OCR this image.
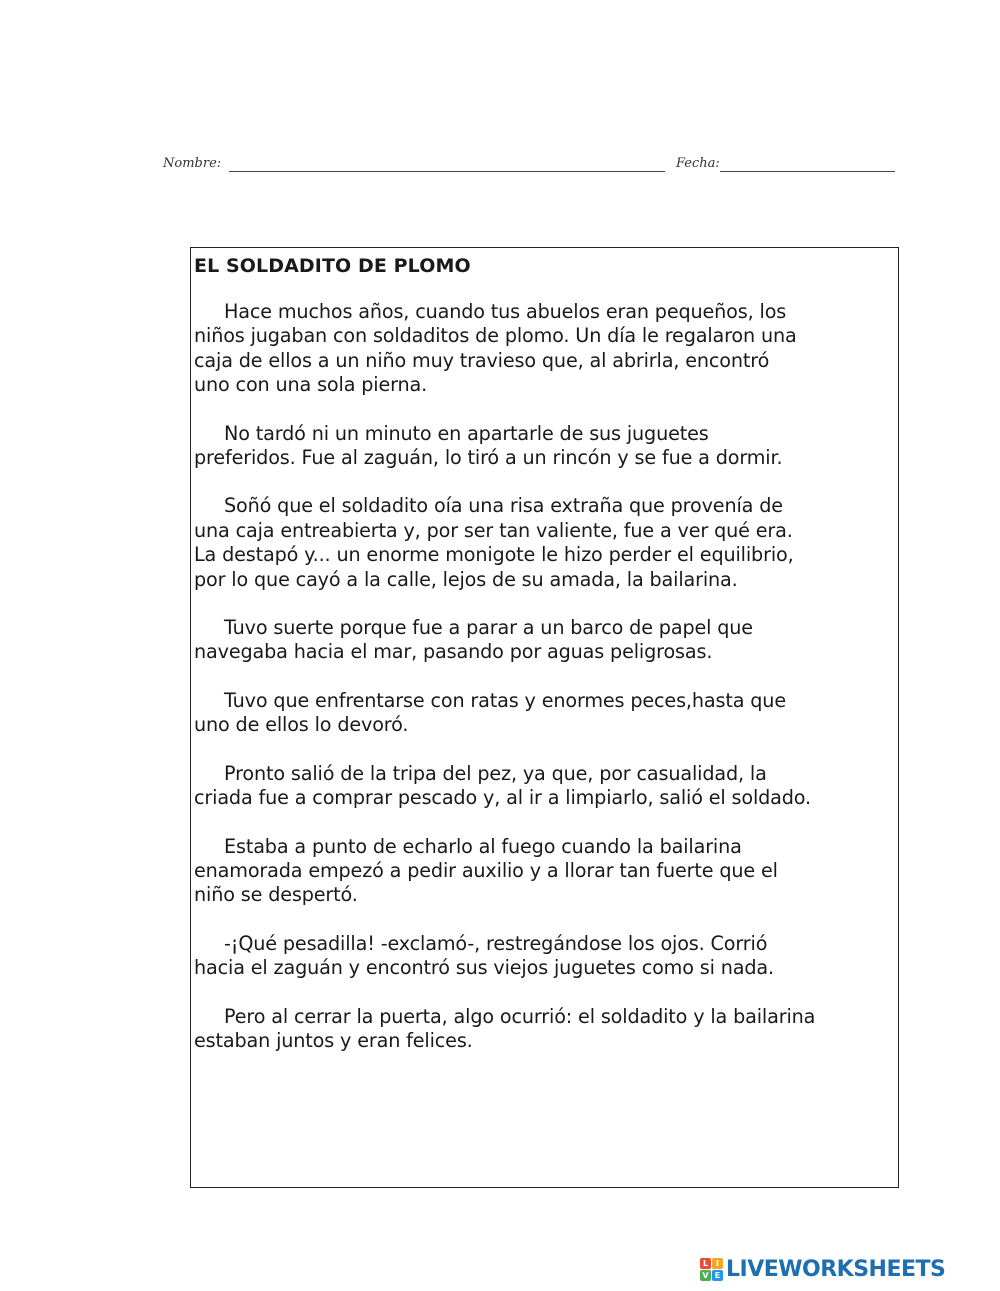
Nombre:	Fecha:
EL SOLDADITO DE PLOMO

Hace muchos años, cuando tus abuelos eran pequeños, los
niños jugaban con soldaditos de plomo. Un día le regalaron una
caja de ellos a un niño muy travieso que, al abrirla, encontró
uno con una sola pierna.

No tardó ni un minuto en apartarle de sus juguetes
preferidos. Fue al zaguán, lo tiró a un rincón y se fue a dormir.

Soñó que el soldadito oía una risa extraña que provenía de
una caja entreabierta y, por ser tan valiente, fue a ver qué era.
La destapó y... un enorme monigote le hizo perder el equilibrio,
por lo que cayó a la calle, lejos de su amada, la bailarina.

Tuvo suerte porque fue a parar a un barco de papel que
navegaba hacia el mar, pasando por aguas peligrosas.

Tuvo que enfrentarse con ratas y enormes peces,hasta que
uno de ellos lo devoró.

Pronto salió de la tripa del pez, ya que, por casualidad, la
criada fue a comprar pescado y, al ir a limpiarlo, salió el soldado.

Estaba a punto de echarlo al fuego cuando la bailarina
enamorada empezó a pedir auxilio y a llorar tan fuerte que el
niño se despertó.

-¡Qué pesadilla! -exclamó-, restregándose los ojos. Corrió
hacia el zaguán y encontró sus viejos juguetes como si nada.

Pero al cerrar la puerta, algo ocurrió: el soldadito y la bailarina
estaban juntos y eran felices.

L I
V E LIVEWORKSHEETS
